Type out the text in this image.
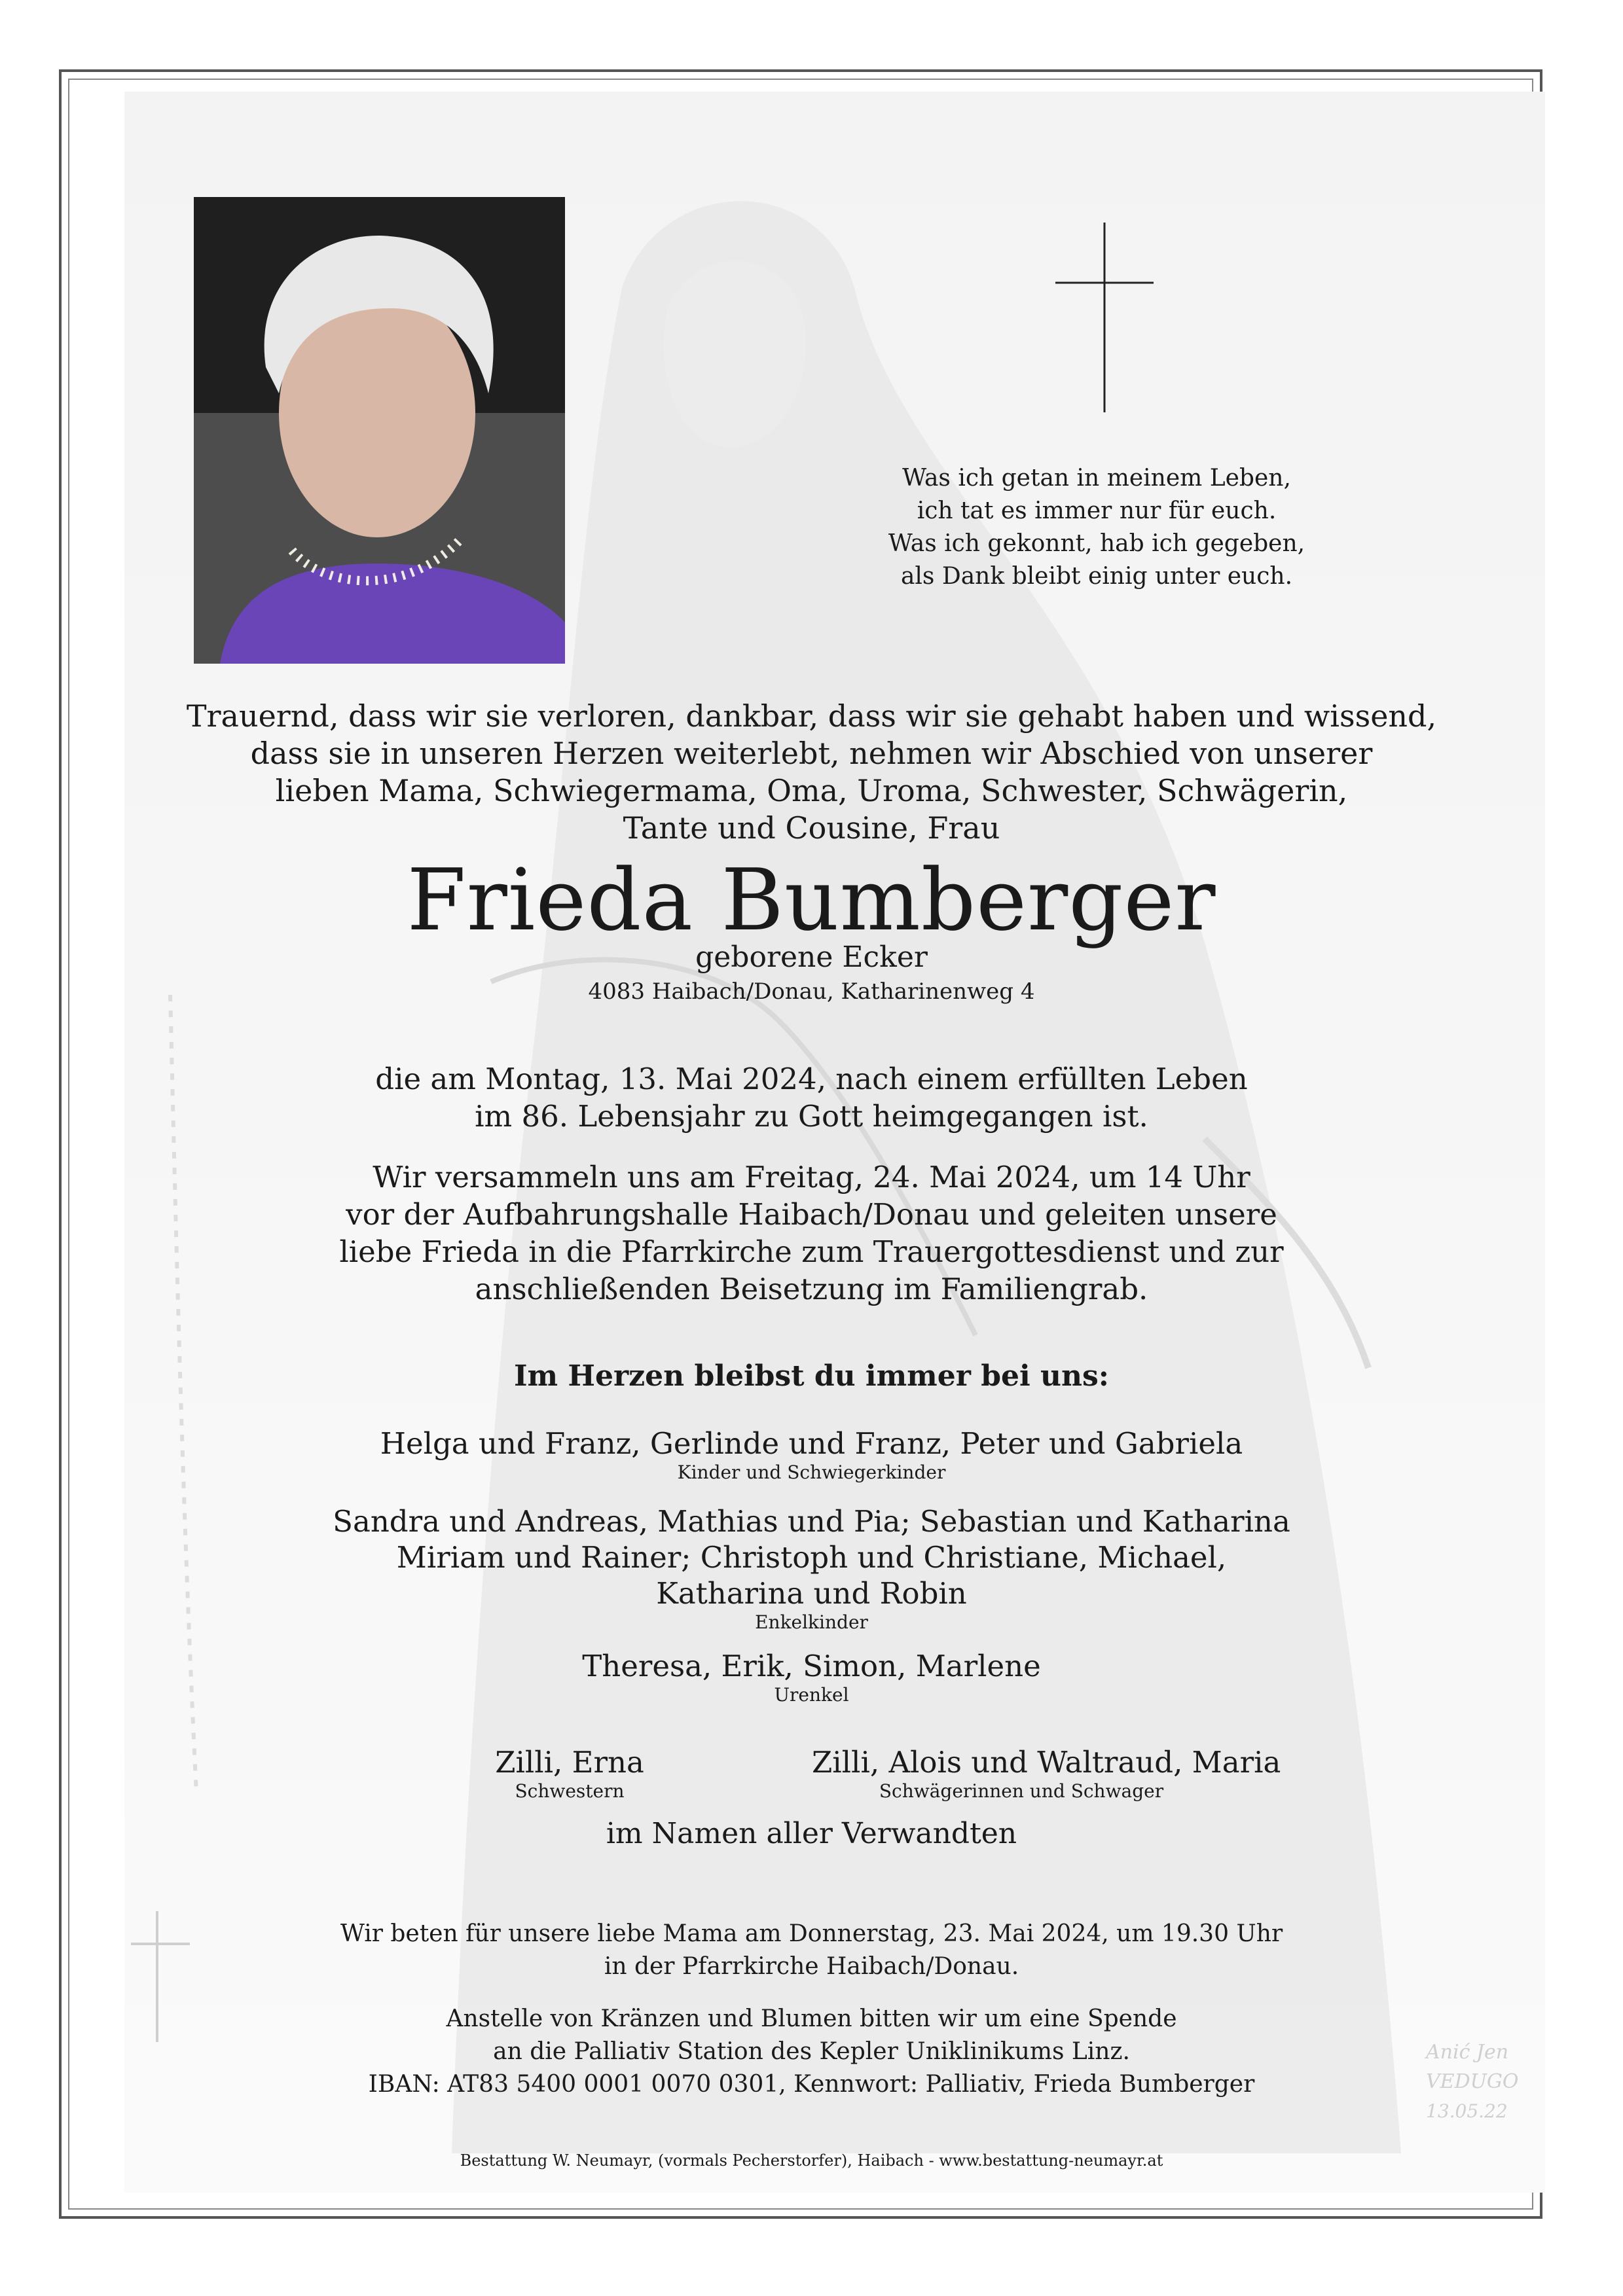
Was ich getan in meinem Leben,
ich tat es immer nur für euch.
Was ich gekonnt, hab ich gegeben,
als Dank bleibt einig unter euch.
Trauernd, dass wir sie verloren, dankbar, dass wir sie gehabt haben und wissend,
dass sie in unseren Herzen weiterlebt, nehmen wir Abschied von unserer
lieben Mama, Schwiegermama, Oma, Uroma, Schwester, Schwägerin,
Tante und Cousine, Frau
Frieda Bumberger
geborene Ecker
4083 Haibach/Donau, Katharinenweg 4
die am Montag, 13. Mai 2024, nach einem erfüllten Leben
im 86. Lebensjahr zu Gott heimgegangen ist.
Wir versammeln uns am Freitag, 24. Mai 2024, um 14 Uhr
vor der Aufbahrungshalle Haibach/Donau und geleiten unsere
liebe Frieda in die Pfarrkirche zum Trauergottesdienst und zur
anschließenden Beisetzung im Familiengrab.
Im Herzen bleibst du immer bei uns:
Helga und Franz, Gerlinde und Franz, Peter und Gabriela
Kinder und Schwiegerkinder
Sandra und Andreas, Mathias und Pia; Sebastian und Katharina
Miriam und Rainer; Christoph und Christiane, Michael,
Katharina und Robin
Enkelkinder
Theresa, Erik, Simon, Marlene
Urenkel
Zilli, Erna
Schwestern
Zilli, Alois und Waltraud, Maria
Schwägerinnen und Schwager
im Namen aller Verwandten
Wir beten für unsere liebe Mama am Donnerstag, 23. Mai 2024, um 19.30 Uhr
in der Pfarrkirche Haibach/Donau.
Anstelle von Kränzen und Blumen bitten wir um eine Spende
an die Palliativ Station des Kepler Uniklinikums Linz.
IBAN: AT83 5400 0001 0070 0301, Kennwort: Palliativ, Frieda Bumberger
Anić Jen
VEDUGO
13.05.22
Bestattung W. Neumayr, (vormals Pecherstorfer), Haibach - www.bestattung-neumayr.at
